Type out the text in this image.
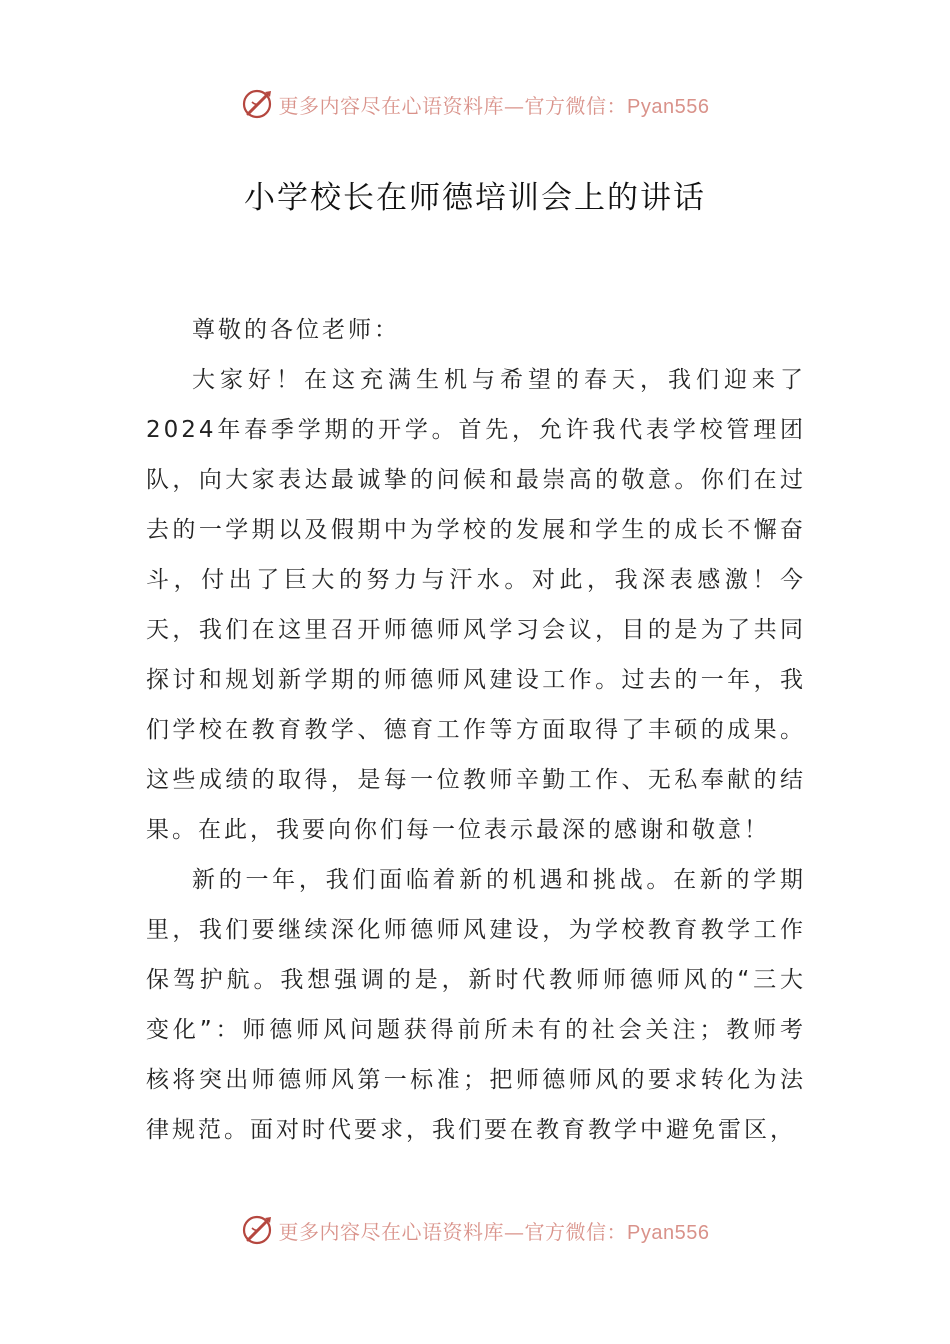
更多内容尽在心语资料库—官方微信：Pyan556
小学校长在师德培训会上的讲话

尊敬的各位老师：

大家好！在这充满生机与希望的春天，我们迎来了2024年春季学期的开学。首先，允许我代表学校管理团队，向大家表达最诚挚的问候和最崇高的敬意。你们在过去的一学期以及假期中为学校的发展和学生的成长不懈奋斗，付出了巨大的努力与汗水。对此，我深表感激！今天，我们在这里召开师德师风学习会议，目的是为了共同探讨和规划新学期的师德师风建设工作。过去的一年，我们学校在教育教学、德育工作等方面取得了丰硕的成果。这些成绩的取得，是每一位教师辛勤工作、无私奉献的结果。在此，我要向你们每一位表示最深的感谢和敬意！

新的一年，我们面临着新的机遇和挑战。在新的学期里，我们要继续深化师德师风建设，为学校教育教学工作保驾护航。我想强调的是，新时代教师师德师风的“三大变化”：师德师风问题获得前所未有的社会关注；教师考核将突出师德师风第一标准；把师德师风的要求转化为法律规范。面对时代要求，我们要在教育教学中避免雷区，

更多内容尽在心语资料库—官方微信：Pyan556
